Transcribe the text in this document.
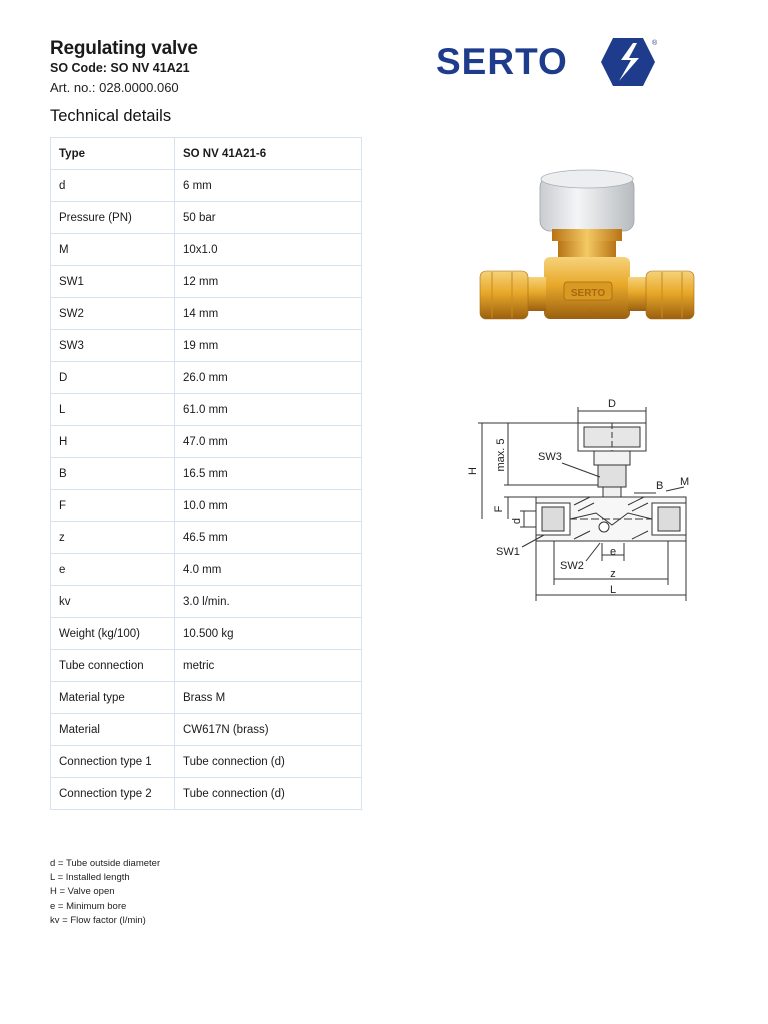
Regulating valve
SO Code: SO NV 41A21
Art. no.: 028.0000.060
Technical details
SERTO	®
Type	SO NV 41A21-6
d	6 mm
Pressure (PN)	50 bar
M	10x1.0
SW1	12 mm
SW2	14 mm
SW3	19 mm
D	26.0 mm
L	61.0 mm
H	47.0 mm
B	16.5 mm
F	10.0 mm
z	46.5 mm
e	4.0 mm
kv	3.0 l/min.
Weight (kg/100)	10.500 kg
Tube connection	metric
Material type	Brass M
Material	CW617N (brass)
Connection type 1	Tube connection (d)
Connection type 2	Tube connection (d)
d = Tube outside diameter
L = Installed length
H = Valve open
e = Minimum bore
kv = Flow factor (l/min)
SERTO
<—
D
H max. 5	SW3
B M
F
d
SW1
SW2
e
z
L
